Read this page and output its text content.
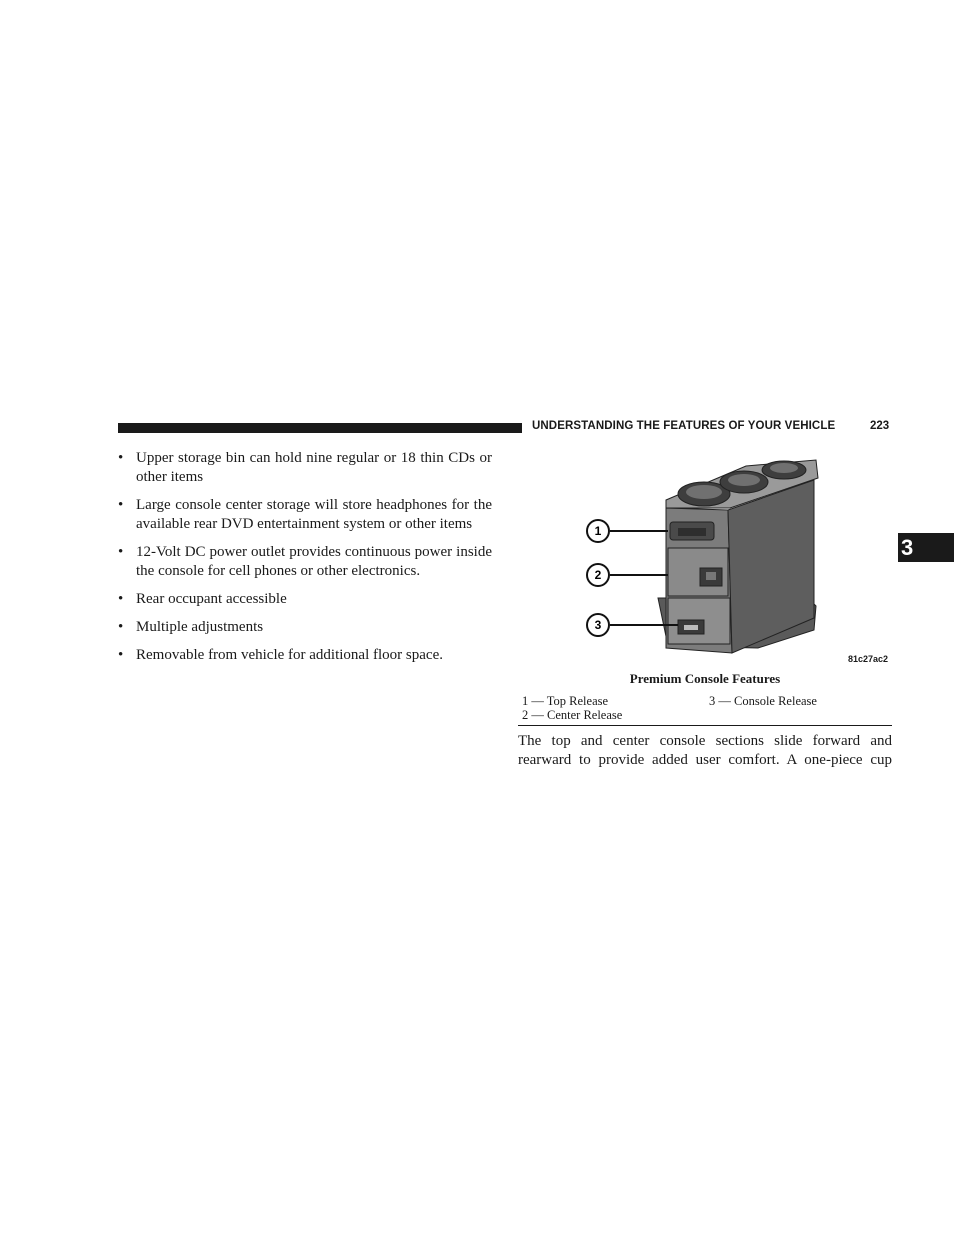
UNDERSTANDING THE FEATURES OF YOUR VEHICLE	223
3
• Upper storage bin can hold nine regular or 18 thin CDs or other items
• Large console center storage will store headphones for the available rear DVD entertainment system or other items
• 12-Volt DC power outlet provides continuous power inside the console for cell phones or other electronics.
• Rear occupant accessible
• Multiple adjustments
• Removable from vehicle for additional floor space.
1
2
3
81c27ac2
Premium Console Features
1 — Top Release
2 — Center Release
3 — Console Release

The top and center console sections slide forward and rearward to provide added user comfort. A one-piece cup
